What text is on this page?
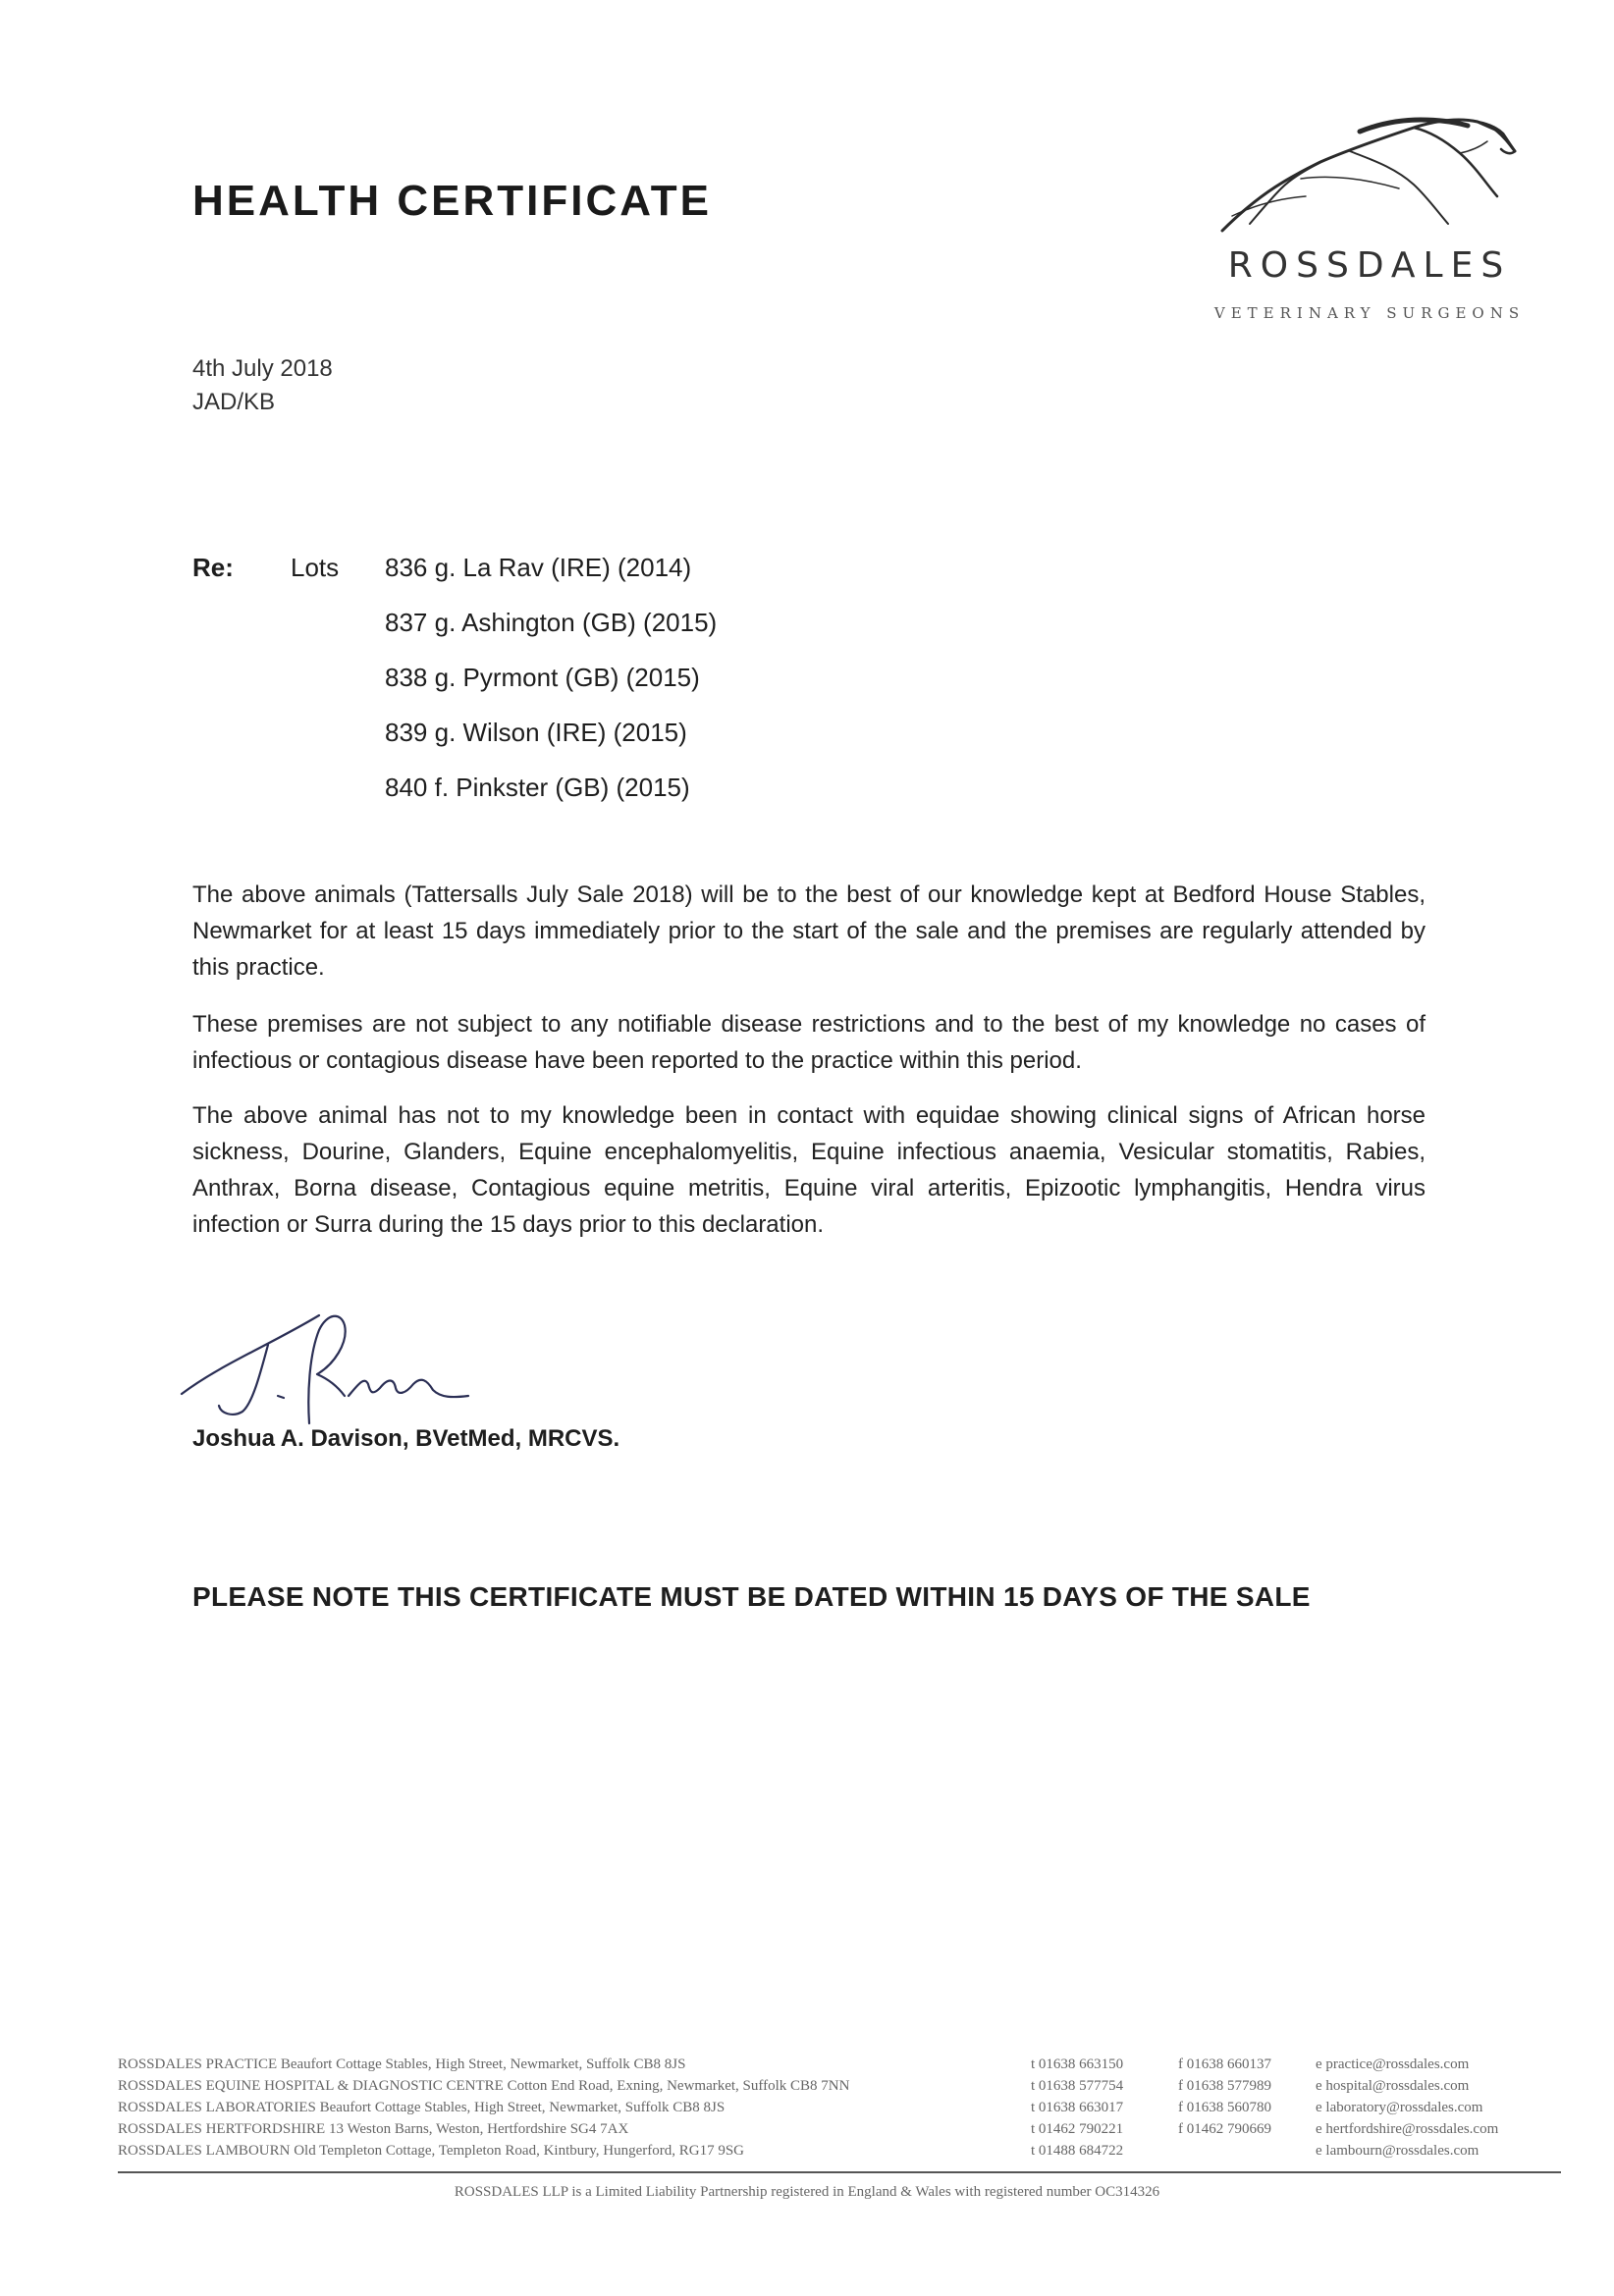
HEALTH CERTIFICATE
ROSSDALES
VETERINARY SURGEONS
4th July 2018
JAD/KB
Re: Lots 836 g. La Rav (IRE) (2014)
837 g. Ashington (GB) (2015)
838 g. Pyrmont (GB) (2015)
839 g. Wilson (IRE) (2015)
840 f. Pinkster (GB) (2015)

The above animals (Tattersalls July Sale 2018) will be to the best of our knowledge kept at Bedford House Stables, Newmarket for at least 15 days immediately prior to the start of the sale and the premises are regularly attended by this practice.

These premises are not subject to any notifiable disease restrictions and to the best of my knowledge no cases of infectious or contagious disease have been reported to the practice within this period.

The above animal has not to my knowledge been in contact with equidae showing clinical signs of African horse sickness, Dourine, Glanders, Equine encephalomyelitis, Equine infectious anaemia, Vesicular stomatitis, Rabies, Anthrax, Borna disease, Contagious equine metritis, Equine viral arteritis, Epizootic lymphangitis, Hendra virus infection or Surra during the 15 days prior to this declaration.

Joshua A. Davison, BVetMed, MRCVS.
PLEASE NOTE THIS CERTIFICATE MUST BE DATED WITHIN 15 DAYS OF THE SALE
ROSSDALES PRACTICE Beaufort Cottage Stables, High Street, Newmarket, Suffolk CB8 8JS	t 01638 663150	f 01638 660137	e practice@rossdales.com
ROSSDALES EQUINE HOSPITAL & DIAGNOSTIC CENTRE Cotton End Road, Exning, Newmarket, Suffolk CB8 7NN	t 01638 577754	f 01638 577989	e hospital@rossdales.com
ROSSDALES LABORATORIES Beaufort Cottage Stables, High Street, Newmarket, Suffolk CB8 8JS	t 01638 663017	f 01638 560780	e laboratory@rossdales.com
ROSSDALES HERTFORDSHIRE 13 Weston Barns, Weston, Hertfordshire SG4 7AX	t 01462 790221	f 01462 790669	e hertfordshire@rossdales.com
ROSSDALES LAMBOURN Old Templeton Cottage, Templeton Road, Kintbury, Hungerford, RG17 9SG	t 01488 684722		e lambourn@rossdales.com
ROSSDALES LLP is a Limited Liability Partnership registered in England & Wales with registered number OC314326
